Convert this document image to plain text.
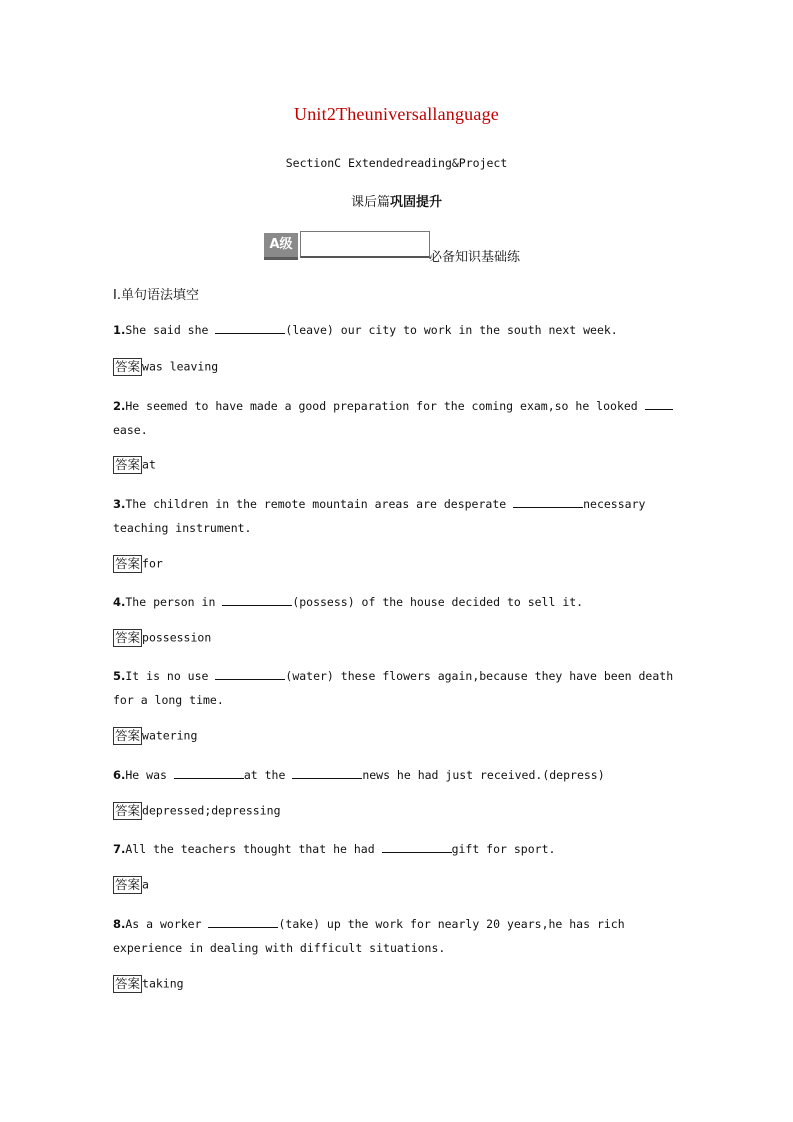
Unit2Theuniversallanguage
SectionC Extendedreading&Project
课后篇巩固提升
A级
必备知识基础练
Ⅰ.单句语法填空
1.She said she	(leave) our city to work in the south next week.
答案 was leaving
2.He seemed to have made a good preparation for the coming exam,so he looked
ease.
答案 at
3.The children in the remote mountain areas are desperate	necessary teaching instrument.
答案 for
4.The person in	(possess) of the house decided to sell it.
答案 possession
5.It is no use	(water) these flowers again,because they have been death for a long time.
答案 watering
6.He was	at the	news he had just received.(depress)
答案 depressed;depressing
7.All the teachers thought that he had	gift for sport.
答案 a
8.As a worker	(take) up the work for nearly 20 years,he has rich experience in dealing with difficult situations.
答案 taking
